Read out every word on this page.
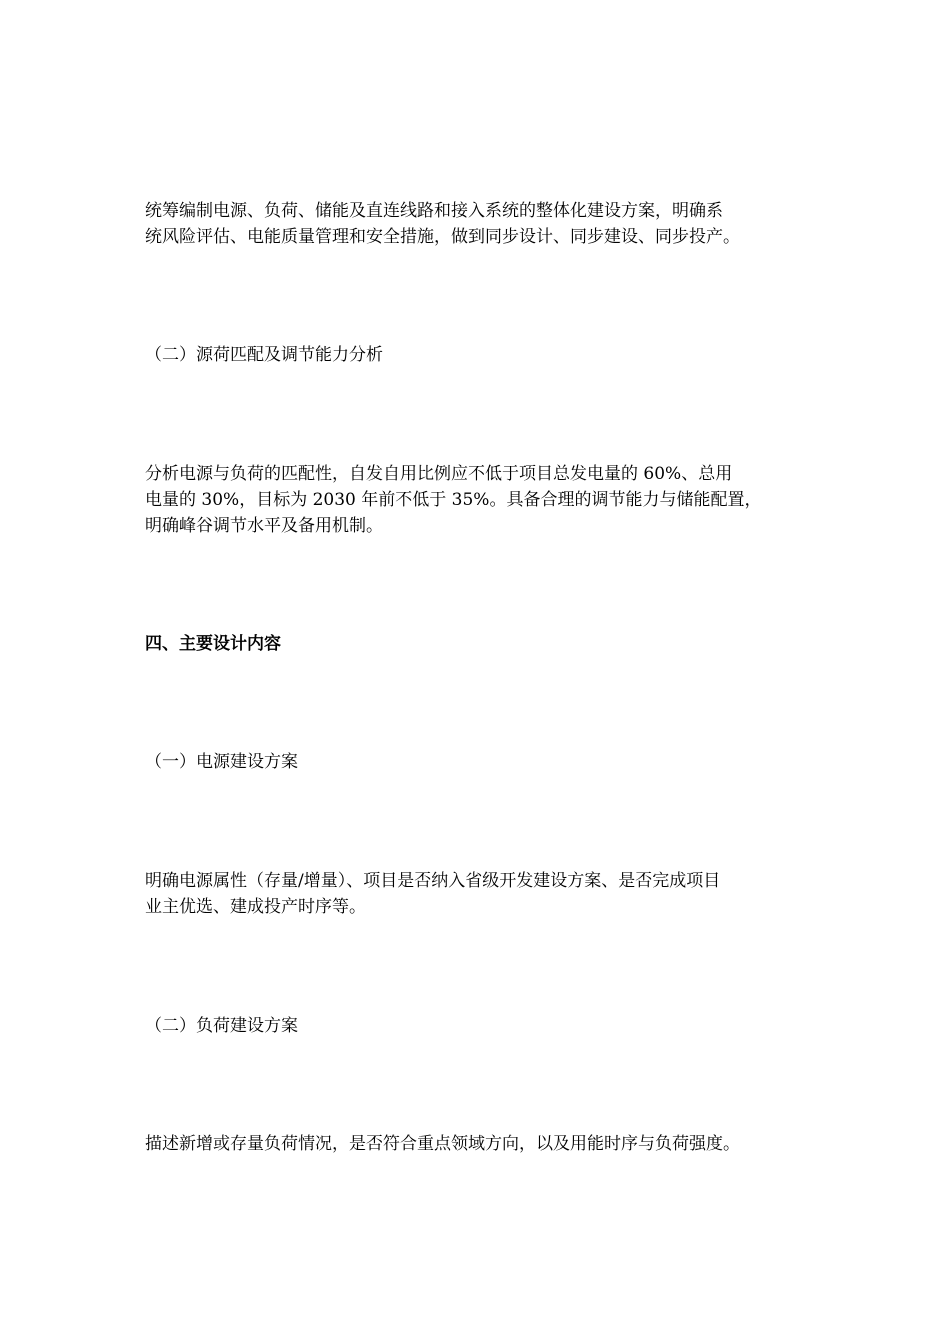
统筹编制电源、负荷、储能及直连线路和接入系统的整体化建设方案，明确系
统风险评估、电能质量管理和安全措施，做到同步设计、同步建设、同步投产。

（二）源荷匹配及调节能力分析

分析电源与负荷的匹配性，自发自用比例应不低于项目总发电量的 60%、总用
电量的 30%，目标为 2030 年前不低于 35%。具备合理的调节能力与储能配置，
明确峰谷调节水平及备用机制。

四、主要设计内容

（一）电源建设方案

明确电源属性（存量/增量）、项目是否纳入省级开发建设方案、是否完成项目
业主优选、建成投产时序等。

（二）负荷建设方案

描述新增或存量负荷情况，是否符合重点领域方向，以及用能时序与负荷强度。
